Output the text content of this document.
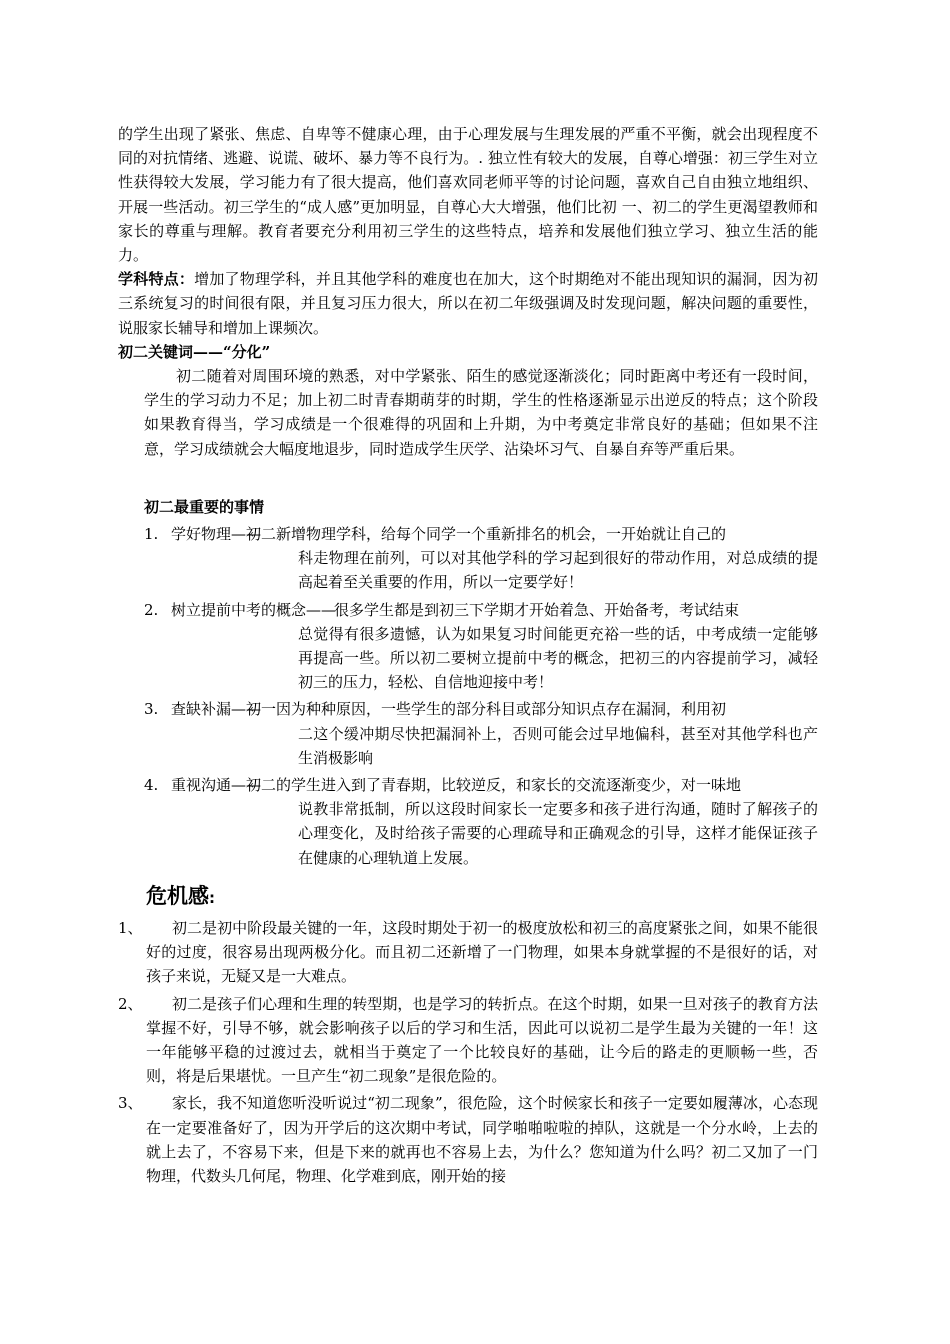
的学生出现了紧张、焦虑、自卑等不健康心理，由于心理发展与生理发展的严重不平衡，就会出现程度不同的对抗情绪、逃避、说谎、破坏、暴力等不良行为。. 独立性有较大的发展，自尊心增强：初三学生对立性获得较大发展，学习能力有了很大提高，他们喜欢同老师平等的讨论问题，喜欢自己自由独立地组织、开展一些活动。初三学生的“成人感”更加明显，自尊心大大增强，他们比初 一、初二的学生更渴望教师和家长的尊重与理解。教育者要充分利用初三学生的这些特点，培养和发展他们独立学习、独立生活的能力。

学科特点：增加了物理学科，并且其他学科的难度也在加大，这个时期绝对不能出现知识的漏洞，因为初三系统复习的时间很有限，并且复习压力很大，所以在初二年级强调及时发现问题，解决问题的重要性，说服家长辅导和增加上课频次。

初二关键词——“分化”

初二随着对周围环境的熟悉，对中学紧张、陌生的感觉逐渐淡化；同时距离中考还有一段时间，学生的学习动力不足；加上初二时青春期萌芽的时期，学生的性格逐渐显示出逆反的特点；这个阶段如果教育得当，学习成绩是一个很难得的巩固和上升期，为中考奠定非常良好的基础；但如果不注意，学习成绩就会大幅度地退步，同时造成学生厌学、沾染坏习气、自暴自弃等严重后果。

初二最重要的事情

1. 学好物理——
初二新增物理学科，给每个同学一个重新排名的机会，一开始就让自己的
科走物理在前列，可以对其他学科的学习起到很好的带动作用，对总成绩的提高起着至关重要的作用，所以一定要学好！
2. 树立提前中考的概念——
很多学生都是到初三下学期才开始着急、开始备考，考试结束
总觉得有很多遗憾，认为如果复习时间能更充裕一些的话，中考成绩一定能够再提高一些。所以初二要树立提前中考的概念，把初三的内容提前学习，减轻初三的压力，轻松、自信地迎接中考！
3. 查缺补漏——
初一因为种种原因，一些学生的部分科目或部分知识点存在漏洞，利用初
二这个缓冲期尽快把漏洞补上，否则可能会过早地偏科，甚至对其他学科也产生消极影响
4. 重视沟通——
初二的学生进入到了青春期，比较逆反，和家长的交流逐渐变少，对一味地
说教非常抵制，所以这段时间家长一定要多和孩子进行沟通，随时了解孩子的心理变化，及时给孩子需要的心理疏导和正确观念的引导，这样才能保证孩子在健康的心理轨道上发展。
危机感:
1、	初二是初中阶段最关键的一年，这段时期处于初一的极度放松和初三的高度紧张之间，如果不能很好的过度，很容易出现两极分化。而且初二还新增了一门物理，如果本身就掌握的不是很好的话，对孩子来说，无疑又是一大难点。

2、	初二是孩子们心理和生理的转型期，也是学习的转折点。在这个时期，如果一旦对孩子的教育方法掌握不好，引导不够，就会影响孩子以后的学习和生活，因此可以说初二是学生最为关键的一年！这一年能够平稳的过渡过去，就相当于奠定了一个比较良好的基础，让今后的路走的更顺畅一些，否则，将是后果堪忧。一旦产生“初二现象”是很危险的。

3、	家长，我不知道您听没听说过“初二现象”，很危险，这个时候家长和孩子一定要如履薄冰，心态现在一定要准备好了，因为开学后的这次期中考试，同学啪啪啦啦的掉队，这就是一个分水岭，上去的就上去了，不容易下来，但是下来的就再也不容易上去，为什么？您知道为什么吗？初二又加了一门物理，代数头几何尾，物理、化学难到底，刚开始的接
